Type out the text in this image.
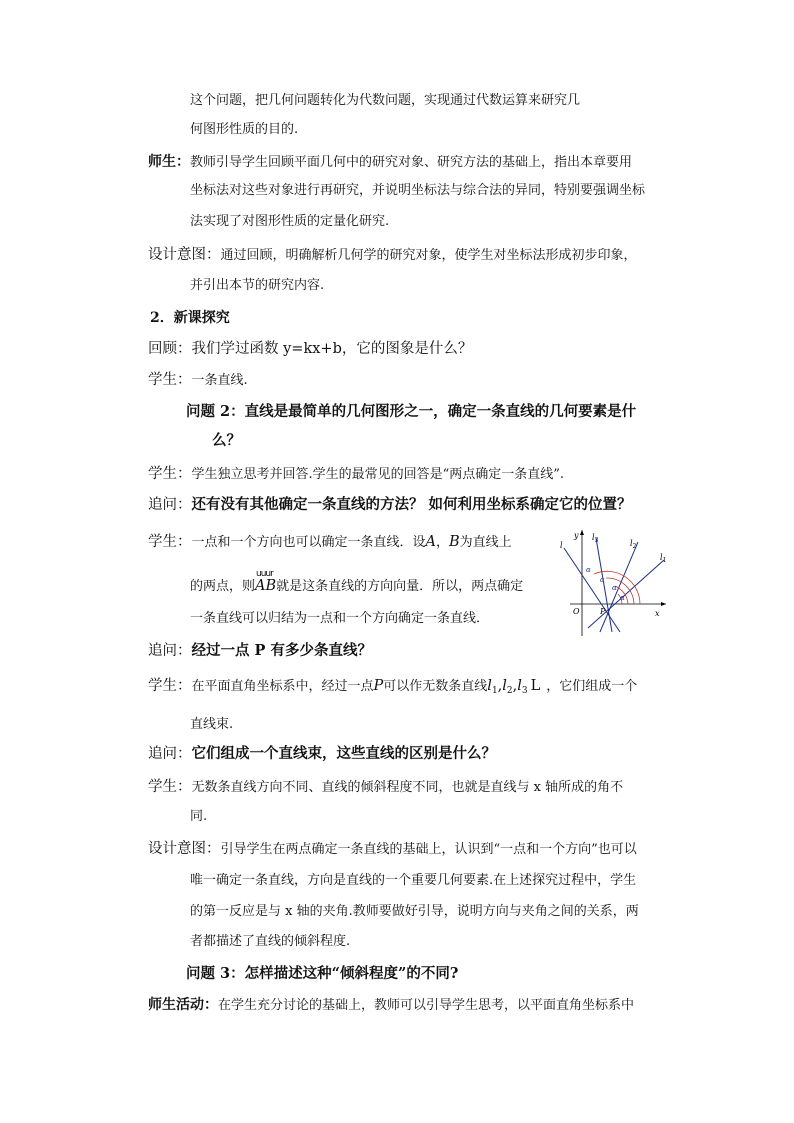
这个问题，把几何问题转化为代数问题，实现通过代数运算来研究几
何图形性质的目的.
师生：教师引导学生回顾平面几何中的研究对象、研究方法的基础上，指出本章要用
坐标法对这些对象进行再研究，并说明坐标法与综合法的异同，特别要强调坐标
法实现了对图形性质的定量化研究.
设计意图：通过回顾，明确解析几何学的研究对象，使学生对坐标法形成初步印象，
并引出本节的研究内容.
2．新课探究
回顾：我们学过函数 y=kx+b，它的图象是什么？
学生：一条直线.
问题 2：直线是最简单的几何图形之一，确定一条直线的几何要素是什
么？
学生：学生独立思考并回答.学生的最常见的回答是“两点确定一条直线”.
追问：还有没有其他确定一条直线的方法？ 如何利用坐标系确定它的位置？
学生：一点和一个方向也可以确定一条直线．设A，B为直线上
的两点，则
uuur
AB就是这条直线的方向向量．所以，两点确定
一条直线可以归结为一点和一个方向确定一条直线．
y
x
O	P
l
$l_3$	$l_2$
$l_1$
α
α
α
α
追问：经过一点 P 有多少条直线？
学生：在平面直角坐标系中，经过一点P可以作无数条直线$l_1,l_2,l_3$ L ，它们组成一个
直线束.
追问：它们组成一个直线束，这些直线的区别是什么？
学生：无数条直线方向不同、直线的倾斜程度不同，也就是直线与 x 轴所成的角不
同.
设计意图：引导学生在两点确定一条直线的基础上，认识到“一点和一个方向”也可以
唯一确定一条直线，方向是直线的一个重要几何要素.在上述探究过程中，学生
的第一反应是与 x 轴的夹角.教师要做好引导，说明方向与夹角之间的关系，两
者都描述了直线的倾斜程度.
问题 3：怎样描述这种“倾斜程度”的不同?
师生活动：在学生充分讨论的基础上，教师可以引导学生思考，以平面直角坐标系中
